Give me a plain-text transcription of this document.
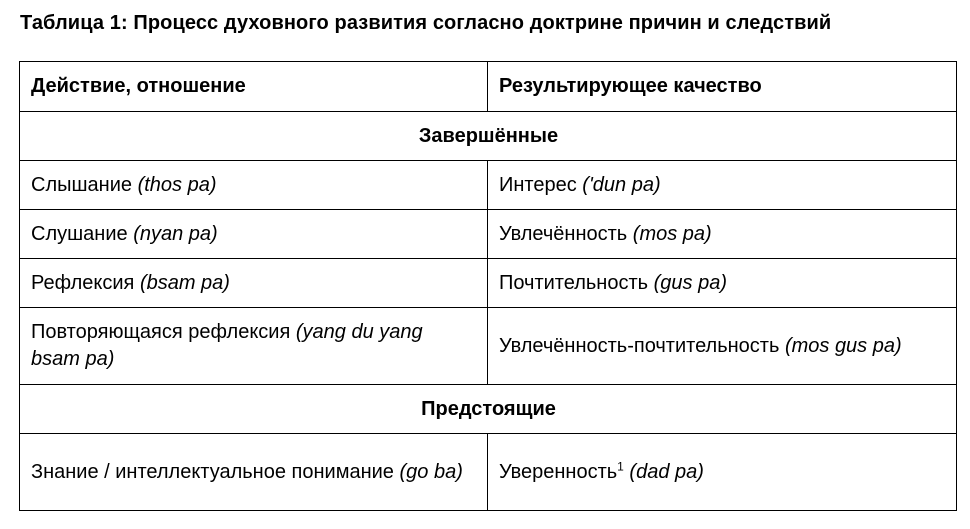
Таблица 1: Процесс духовного развития согласно доктрине причин и следствий
Действие, отношение	Результирующее качество
Завершённые	
Слышание (thos pa)	Интерес ('dun pa)
Слушание (nyan pa)	Увлечённость (mos pa)
Рефлексия (bsam pa)	Почтительность (gus pa)
Повторяющаяся рефлексия (yang du yang bsam pa)	Увлечённость-почтительность (mos gus pa)
Предстоящие	
Знание / интеллектуальное понимание (go ba)	Уверенность$^1$ (dad pa)
